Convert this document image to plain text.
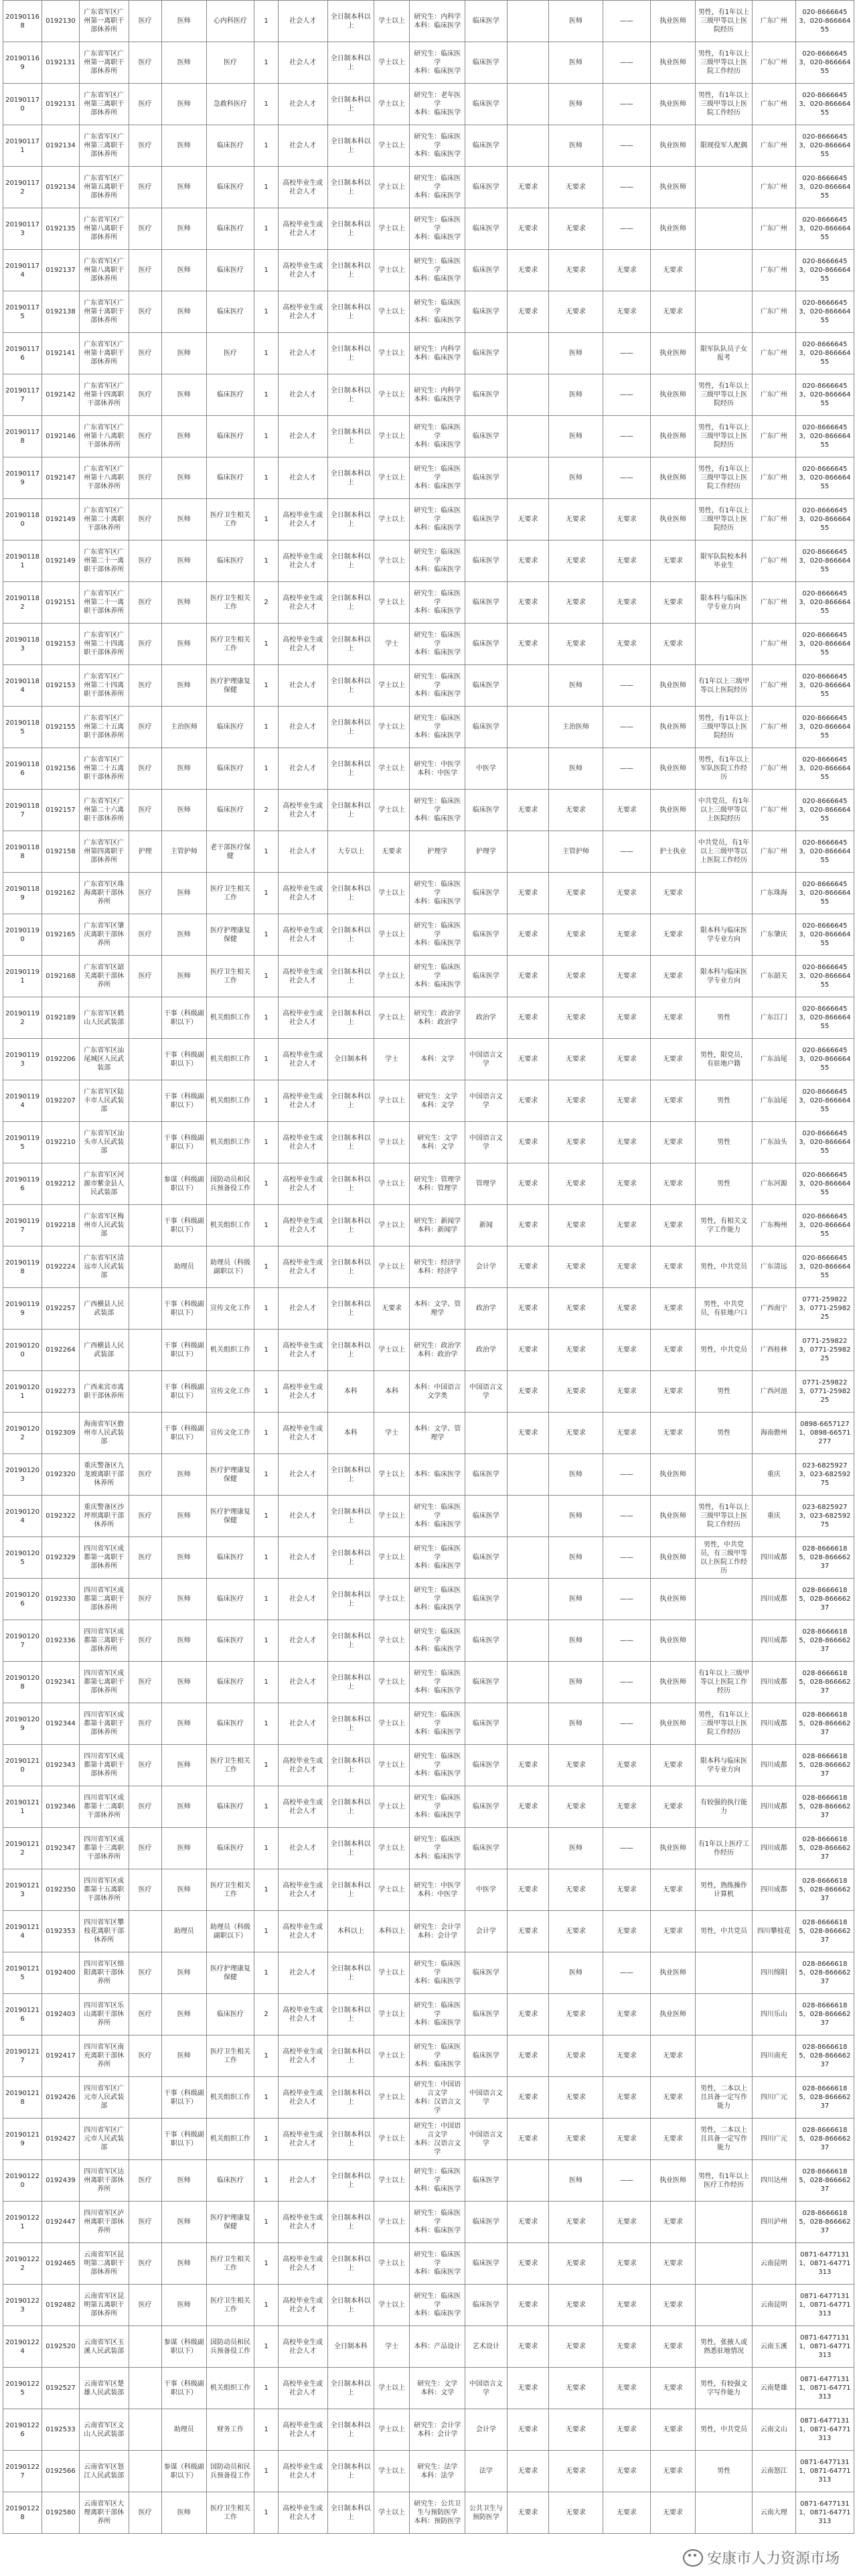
201901168	0192130	广东省军区广州第一离职干部休养所	医疗	医师	心内科医疗	1	社会人才	全日制本科以上	学士以上	研究生：内科学
本科：临床医学	临床医学		医师	——	执业医师	男性，有1年以上三级甲等以上医院经历	广东广州	020-86666453，020-86666455
201901169	0192131	广东省军区广州第一离职干部休养所	医疗	医师	医疗	1	社会人才	全日制本科以上	学士以上	研究生：临床医学
本科：临床医学	临床医学		医师	——	执业医师	男性，有1年以上三级甲等以上医院工作经历	广东广州	020-86666453，020-86666455
201901170	0192131	广东省军区广州第三离职干部休养所	医疗	医师	急救科医疗	1	社会人才	全日制本科以上	学士以上	研究生：老年医学
本科：临床医学	临床医学		医师	——	执业医师	男性，有1年以上三级甲等以上医院工作经历	广东广州	020-86666453，020-86666455
201901171	0192134	广东省军区广州第三离职干部休养所	医疗	医师	临床医疗	1	社会人才	全日制本科以上	学士以上	研究生：临床医学
本科：临床医学	临床医学		医师	——	执业医师	限现役军人配偶	广东广州	020-86666453，020-86666455
201901172	0192134	广东省军区广州第五离职干部休养所	医疗	医师	临床医疗	1	高校毕业生或社会人才	全日制本科以上	学士以上	研究生：临床医学
本科：临床医学	临床医学	无要求	无要求	——	执业医师		广东广州	020-86666453，020-86666455
201901173	0192135	广东省军区广州第八离职干部休养所	医疗	医师	临床医疗	1	高校毕业生或社会人才	全日制本科以上	学士以上	研究生：临床医学
本科：临床医学	临床医学	无要求	无要求	——	执业医师		广东广州	020-86666453，020-86666455
201901174	0192137	广东省军区广州第八离职干部休养所	医疗	医师	临床医疗	1	高校毕业生或社会人才	全日制本科以上	学士以上	研究生：临床医学
本科：临床医学	临床医学	无要求	无要求	无要求	无要求		广东广州	020-86666453，020-86666455
201901175	0192138	广东省军区广州第十离职干部休养所	医疗	医师	临床医疗	1	高校毕业生或社会人才	全日制本科以上	学士以上	研究生：临床医学
本科：临床医学	临床医学	无要求	无要求	无要求	无要求		广东广州	020-86666453，020-86666455
201901176	0192141	广东省军区广州第十离职干部休养所	医疗	医师	医疗	1	社会人才	全日制本科以上	学士以上	研究生：内科学
本科：临床医学	临床医学		医师	——	执业医师	限军队队员子女报考	广东广州	020-86666453，020-86666455
201901177	0192142	广东省军区广州第十四离职干部休养所	医疗	医师	临床医疗	1	社会人才	全日制本科以上	学士以上	研究生：内科学
本科：临床医学	临床医学		医师	——	执业医师	男性，有1年以上三级甲等以上医院经历	广东广州	020-86666453，020-86666455
201901178	0192146	广东省军区广州第十八离职干部休养所	医疗	医师	临床医疗	1	社会人才	全日制本科以上	学士以上	研究生：临床医学
本科：临床医学	临床医学		医师	——	执业医师	男性，有1年以上三级甲等以上医院经历	广东广州	020-86666453，020-86666455
201901179	0192147	广东省军区广州第十八离职干部休养所	医疗	医师	临床医疗	1	社会人才	全日制本科以上	学士以上	研究生：临床医学
本科：临床医学	临床医学		医师	——	执业医师	男性，有1年以上三级甲等以上医院工作经历	广东广州	020-86666453，020-86666455
201901180	0192149	广东省军区广州第二十离职干部休养所	医疗	医师	医疗卫生相关工作	1	高校毕业生或社会人才	全日制本科以上	学士以上	研究生：临床医学
本科：临床医学	临床医学	无要求	无要求	无要求	执业医师	男性，有1年以上三级甲等以上医院经历	广东广州	020-86666453，020-86666455
201901181	0192149	广东省军区广州第二十一离职干部休养所	医疗	医师	临床医疗	1	高校毕业生或社会人才	全日制本科以上	学士以上	研究生：临床医学
本科：临床医学	临床医学	无要求	无要求	无要求	无要求	限军队院校本科毕业生	广东广州	020-86666453，020-86666455
201901182	0192151	广东省军区广州第二十一离职干部休养所	医疗	医师	医疗卫生相关工作	2	高校毕业生或社会人才	全日制本科以上	学士以上	研究生：临床医学
本科：临床医学	临床医学	无要求	无要求	无要求	无要求	限本科与临床医学专业方向	广东广州	020-86666453，020-86666455
201901183	0192153	广东省军区广州第二十四离职干部休养所	医疗	医师	医疗卫生相关工作	1	高校毕业生或社会人才	全日制本科以上	学士	研究生：临床医学
本科：临床医学	临床医学	无要求	无要求	无要求	无要求		广东广州	020-86666453，020-86666455
201901184	0192153	广东省军区广州第二十四离职干部休养所	医疗	医师	医疗护理康复保健	1	社会人才	全日制本科以上	学士以上	研究生：临床医学
本科：临床医学	临床医学		医师	——	执业医师	有1年以上三级甲等以上医院经历	广东广州	020-86666453，020-86666455
201901185	0192155	广东省军区广州第二十五离职干部休养所	医疗	主治医师	临床医疗	1	社会人才	全日制本科以上	学士以上	研究生：临床医学
本科：临床医学	临床医学		主治医师	——	执业医师	男性，有1年以上三级甲等以上医院经历	广东广州	020-86666453，020-86666455
201901186	0192156	广东省军区广州第二十五离职干部休养所	医疗	医师	临床医疗	1	社会人才	全日制本科以上	学士以上	研究生：中医学
本科：中医学	中医学		医师	——	执业医师	男性，有1年以上军队医院工作经历	广东广州	020-86666453，020-86666455
201901187	0192157	广东省军区广州第二十六离职干部休养所	医疗	医师	临床医疗	2	高校毕业生或社会人才	全日制本科以上	学士以上	研究生：临床医学
本科：临床医学	临床医学	无要求	无要求	无要求	执业医师	中共党员，有1年以上三级甲等以上医院经历	广东广州	020-86666453，020-86666455
201901188	0192158	广东省军区广州第四离职干部休养所	护理	主管护师	老干部医疗保健	1	社会人才	大专以上	无要求	护理学	护理学		主管护师	——	护士执业	中共党员，有1年以上三级甲等以上医院工作经历	广东广州	020-86666453，020-86666455
201901189	0192162	广东省军区珠海离职干部休养所	医疗	医师	医疗卫生相关工作	1	高校毕业生或社会人才	全日制本科以上	学士以上	研究生：临床医学
本科：临床医学	临床医学	无要求	无要求	无要求	无要求		广东珠海	020-86666453，020-86666455
201901190	0192165	广东省军区肇庆离职干部休养所	医疗	医师	医疗护理康复保健	1	高校毕业生或社会人才	全日制本科以上	学士以上	研究生：临床医学
本科：临床医学	临床医学	无要求	无要求	无要求	无要求	限本科与临床医学专业方向	广东肇庆	020-86666453，020-86666455
201901191	0192168	广东省军区韶关离职干部休养所	医疗	医师	医疗卫生相关工作	1	高校毕业生或社会人才	全日制本科以上	学士以上	研究生：临床医学
本科：临床医学	临床医学	无要求	无要求	无要求	无要求	限本科与临床医学专业方向	广东韶关	020-86666453，020-86666455
201901192	0192189	广东省军区鹤山人民武装部		干事（科级副职以下）	机关组织工作	1	高校毕业生或社会人才	全日制本科以上	学士以上	研究生：政治学
本科：政治学	政治学	无要求	无要求	无要求	无要求	男性	广东江门	020-86666453，020-86666455
201901193	0192206	广东省军区汕尾城区人民武装部		干事（科级副职以下）	机关组织工作	1	高校毕业生或社会人才	全日制本科	学士	本科：文学	中国语言文学	无要求	无要求	无要求	无要求	男性，限党员，有驻地户籍	广东汕尾	020-86666453，020-86666455
201901194	0192207	广东省军区陆丰市人民武装部		干事（科级副职以下）	机关组织工作	1	高校毕业生或社会人才	全日制本科以上	学士以上	研究生：文学
本科：文学	中国语言文学	无要求	无要求	无要求	无要求	男性	广东汕尾	020-86666453，020-86666455
201901195	0192210	广东省军区汕头市人民武装部		干事（科级副职以下）	机关组织工作	1	高校毕业生或社会人才	全日制本科以上	学士以上	研究生：文学
本科：文学	中国语言文学	无要求	无要求	无要求	无要求	男性	广东汕头	020-86666453，020-86666455
201901196	0192212	广东省军区河源市紫金县人民武装部		参谋（科级副职以下）	国防动员和民兵预备役工作	1	高校毕业生或社会人才	全日制本科以上	学士以上	研究生：管理学
本科：管理学	管理学	无要求	无要求	无要求	无要求	男性	广东河源	020-86666453，020-86666455
201901197	0192218	广东省军区梅州市人民武装部		干事（科级副职以下）	机关组织工作	1	高校毕业生或社会人才	全日制本科以上	学士以上	研究生：新闻学
本科：新闻学	新闻	无要求	无要求	无要求	无要求	男性，有相关文字工作能力	广东梅州	020-86666453，020-86666455
201901198	0192224	广东省军区清远市人民武装部		助理员	助理员（科级副职以下）	1	高校毕业生或社会人才	全日制本科以上	学士以上	研究生：经济学
本科：经济学	会计学	无要求	无要求	无要求	无要求	男性，中共党员	广东清远	020-86666453，020-86666455
201901199	0192257	广西横县人民武装部		干事（科级副职以下）	宣传文化工作	1	社会人才	全日制本科以上	无要求	本科：文学、管理学	政治学	无要求	无要求	无要求	无要求	男性，中共党员，有驻地户口	广西南宁	0771-2598223，0771-2598225
201901200	0192264	广西横县人民武装部		干事（科级副职以下）	机关组织工作	1	高校毕业生或社会人才	全日制本科以上	学士以上	研究生：政治学
本科：政治学	政治学	无要求	无要求	无要求	无要求	男性，中共党员	广西桂林	0771-2598223，0771-2598225
201901201	0192273	广西来宾市离职干部休养所		干事（科级副职以下）	宣传文化工作	1	高校毕业生或社会人才	本科	本科	本科：中国语言文学类	中国语言文学	无要求	无要求	无要求	无要求	男性	广西河池	0771-2598223，0771-2598225
201901202	0192309	海南省军区儋州市人民武装部		干事（科级副职以下）	宣传文化工作	1	高校毕业生或社会人才	本科	学士	本科：文学、管理学		无要求	无要求	无要求	无要求	男性	海南儋州	0898-66571271，0898-66571277
201901203	0192320	重庆警备区九龙坡离职干部休养所	医疗	医师	医疗护理康复保健	1	社会人才	全日制本科以上	学士以上	本科：临床医学	临床医学		医师	——	执业医师		重庆	023-68259273，023-68259275
201901204	0192322	重庆警备区沙坪坝离职干部休养所	医疗	医师	医疗护理康复保健	1	社会人才	全日制本科以上	学士以上	研究生：临床医学
本科：临床医学	临床医学		医师	——	执业医师	男性，有1年以上三级甲等以上医院工作经历	重庆	023-68259273，023-68259275
201901205	0192329	四川省军区成都第一离职干部休养所	医疗	医师	临床医疗	1	社会人才	全日制本科以上	学士以上	研究生：临床医学
本科：临床医学	临床医学		医师	——	执业医师	男性，中共党员，有三级甲等以上医院工作经历	四川成都	028-86666185，028-86666237
201901206	0192330	四川省军区成都第二离职干部休养所	医疗	医师	临床医疗	1	社会人才	全日制本科以上	学士以上	研究生：临床医学
本科：临床医学	临床医学		医师	——	执业医师		四川成都	028-86666185，028-86666237
201901207	0192336	四川省军区成都第三离职干部休养所	医疗	医师	临床医疗	1	社会人才	全日制本科以上	学士以上	研究生：临床医学
本科：临床医学	临床医学		医师	——	执业医师		四川成都	028-86666185，028-86666237
201901208	0192341	四川省军区成都第七离职干部休养所	医疗	医师	临床医疗	1	社会人才	全日制本科以上	学士以上	研究生：临床医学
本科：临床医学	临床医学		医师	——	执业医师	有1年以上三级甲等以上医院工作经历	四川成都	028-86666185，028-86666237
201901209	0192344	四川省军区成都第十离职干部休养所	医疗	医师	临床医疗	1	社会人才	全日制本科以上	学士以上	研究生：临床医学
本科：临床医学	临床医学		医师	——	执业医师	男性，有1年以上三级甲等以上医院工作经历	四川成都	028-86666185，028-86666237
201901210	0192343	四川省军区成都第十离职干部休养所	医疗	医师	医疗卫生相关工作	1	高校毕业生或社会人才	全日制本科以上	学士以上	研究生：临床医学
本科：临床医学	临床医学	无要求	无要求	无要求	无要求	限本科与临床医学专业方向	四川成都	028-86666185，028-86666237
201901211	0192346	四川省军区成都第十二离职干部休养所	医疗	医师	临床医疗	1	高校毕业生或社会人才	全日制本科以上	学士以上	研究生：临床医学
本科：临床医学	临床医学	无要求	无要求	无要求	无要求	有较强的执行能力	四川成都	028-86666185，028-86666237
201901212	0192347	四川省军区成都第十三离职干部休养所	医疗	医师	临床医疗	1	社会人才	全日制本科以上	学士以上	研究生：临床医学
本科：临床医学	临床医学		医师	——	执业医师	有1年以上医疗工作经历	四川成都	028-86666185，028-86666237
201901213	0192350	四川省军区成都第十五离职干部休养所	医疗	医师	医疗卫生相关工作	1	高校毕业生或社会人才	全日制本科以上	学士以上	研究生：中医学
本科：中医学	中医学	无要求	无要求	无要求	无要求	男性，熟练操作计算机	四川成都	028-86666185，028-86666237
201901214	0192353	四川省军区攀枝花离职干部休养所		助理员	助理员（科级副职以下）	1	高校毕业生或社会人才	本科以上	本科以上	研究生：会计学
本科：会计学	会计学	无要求	无要求	无要求	无要求	男性，中共党员	四川攀枝花	028-86666185，028-86666237
201901215	0192400	四川省军区绵阳离职干部休养所	医疗	医师	医疗护理康复保健	1	社会人才	全日制本科以上	学士以上	研究生：临床医学
本科：临床医学	临床医学		医师	——	执业医师		四川绵阳	028-86666185，028-86666237
201901216	0192403	四川省军区乐山离职干部休养所	医疗	医师	临床医疗	2	高校毕业生或社会人才	全日制本科以上	学士以上	研究生：临床医学
本科：临床医学	临床医学	无要求	无要求	无要求	执业医师		四川乐山	028-86666185，028-86666237
201901217	0192417	四川省军区南充离职干部休养所	医疗	医师	医疗卫生相关工作	1	高校毕业生或社会人才	全日制本科以上	学士以上	研究生：临床医学
本科：临床医学	临床医学	无要求	无要求	无要求	无要求		四川南充	028-86666185，028-86666237
201901218	0192426	四川省军区广元市人民武装部		干事（科级副职以下）	机关组织工作	1	高校毕业生或社会人才	全日制本科以上	学士以上	研究生：中国语言文学
本科：汉语言文学	中国语言文学	无要求	无要求	无要求	无要求	男性，二本以上且具备一定写作能力	四川广元	028-86666185，028-86666237
201901219	0192427	四川省军区广元市人民武装部		干事（科级副职以下）	机关组织工作	1	高校毕业生或社会人才	全日制本科以上	学士以上	研究生：中国语言文学
本科：汉语言文学	中国语言文学	无要求	无要求	无要求	无要求	男性，二本以上且具备一定写作能力	四川广元	028-86666185，028-86666237
201901220	0192439	四川省军区达州离职干部休养所	医疗	医师	临床医疗	1	社会人才	全日制本科以上	学士以上	研究生：临床医学
本科：临床医学	临床医学		医师	——	执业医师	男性，有1年以上医疗工作经历	四川达州	028-86666185，028-86666237
201901221	0192447	四川省军区泸州离职干部休养所	医疗	医师	医疗护理康复保健	1	高校毕业生或社会人才	全日制本科以上	学士以上	研究生：临床医学
本科：临床医学	临床医学	无要求	无要求	无要求	无要求		四川泸州	028-86666185，028-86666237
201901222	0192465	云南省军区昆明第二离职干部休养所	医疗	医师	医疗卫生相关工作	1	高校毕业生或社会人才	全日制本科以上	学士以上	研究生：临床医学
本科：临床医学	临床医学	无要求	无要求	无要求	无要求		云南昆明	0871-64771311，0871-64771313
201901223	0192482	云南省军区昆明第五离职干部休养所	医疗	医师	医疗卫生相关工作	1	高校毕业生或社会人才	全日制本科以上	学士以上	研究生：临床医学
本科：临床医学	临床医学	无要求	无要求	无要求	无要求		云南昆明	0871-64771311，0871-64771313
201901224	0192520	云南省军区玉溪人民武装部		参谋（科级副职以下）	国防动员和民兵预备役工作	1	高校毕业生或社会人才	全日制本科	学士	本科：产品设计	艺术设计	无要求	无要求	无要求	无要求	男性，张掖人或熟悉驻地情况	云南玉溪	0871-64771311，0871-64771313
201901225	0192527	云南省军区楚雄人民武装部		干事（科级副职以下）	机关组织工作	1	高校毕业生或社会人才	全日制本科以上	学士以上	研究生：文学
本科：文学	中国语言文学	无要求	无要求	无要求	无要求	男性，有较强文字写作能力	云南楚雄	0871-64771311，0871-64771313
201901226	0192533	云南省军区文山人民武装部		助理员	财务工作	1	高校毕业生或社会人才	全日制本科以上	学士以上	研究生：会计学
本科：会计学	会计学	无要求	无要求	无要求	无要求	男性，中共党员	云南文山	0871-64771311，0871-64771313
201901227	0192566	云南省军区怒江人民武装部		参谋（科级副职以下）	国防动员和民兵预备役工作	1	高校毕业生或社会人才	全日制本科以上	学士以上	研究生：法学
本科：法学	法学	无要求	无要求	无要求	无要求	男性	云南怒江	0871-64771311，0871-64771313
201901228	0192580	云南省军区大理离职干部休养所	医疗	医师	医疗卫生相关工作	1	高校毕业生或社会人才	全日制本科以上	学士以上	研究生：公共卫生与预防医学
本科：预防医学	公共卫生与预防医学	无要求	无要求	无要求	无要求		云南大理	0871-64771311，0871-64771313
安康市人力资源市场
